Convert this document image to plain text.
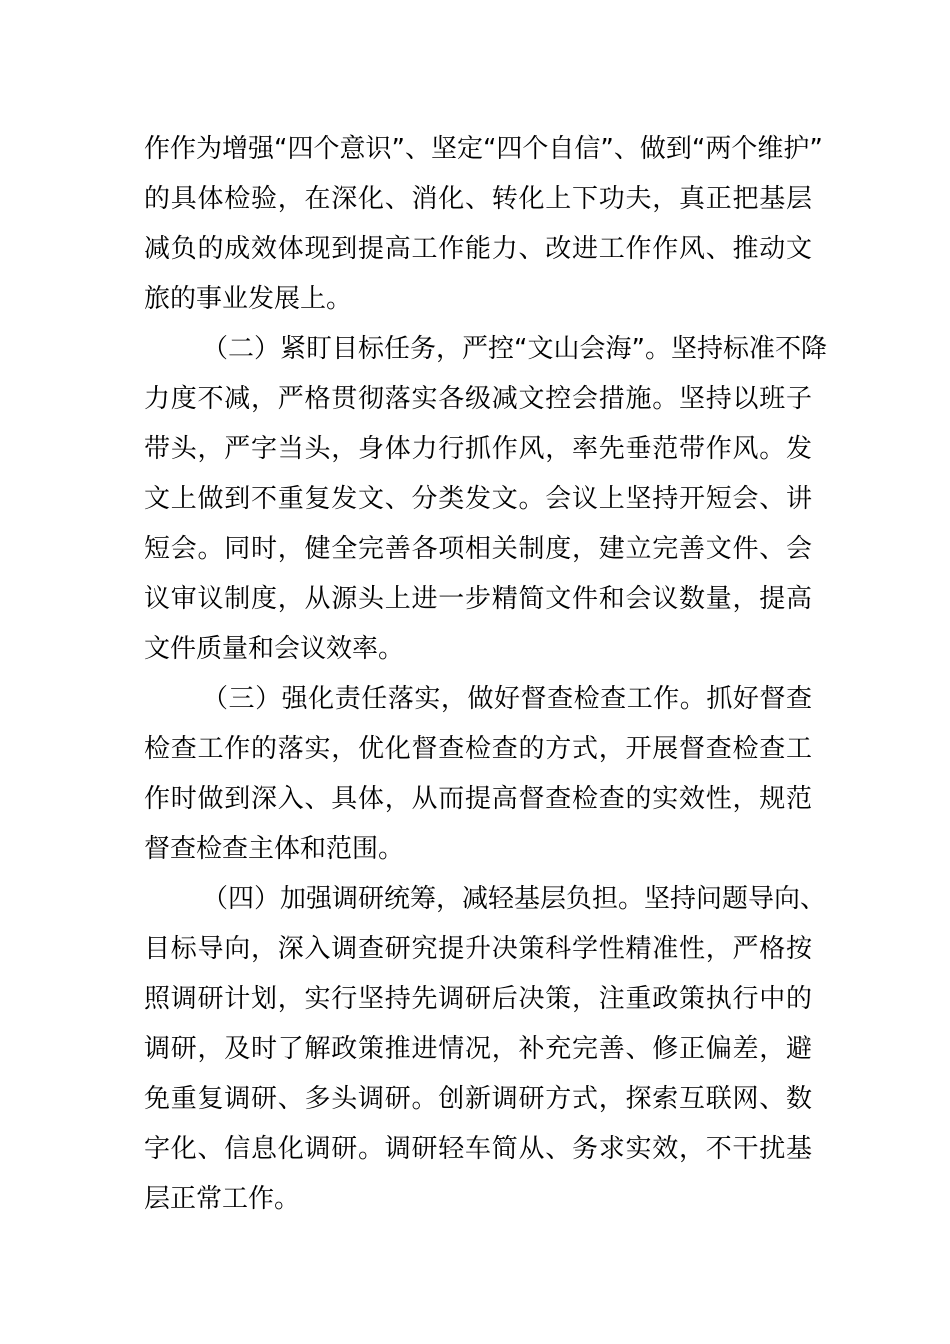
作作为增强“四个意识”、坚定“四个自信”、做到“两个维护”
的具体检验，在深化、消化、转化上下功夫，真正把基层
减负的成效体现到提高工作能力、改进工作作风、推动文
旅的事业发展上。
（二）紧盯目标任务，严控“文山会海”。坚持标准不降
力度不减，严格贯彻落实各级减文控会措施。坚持以班子
带头，严字当头，身体力行抓作风，率先垂范带作风。发
文上做到不重复发文、分类发文。会议上坚持开短会、讲
短会。同时，健全完善各项相关制度，建立完善文件、会
议审议制度，从源头上进一步精简文件和会议数量，提高
文件质量和会议效率。
（三）强化责任落实，做好督查检查工作。抓好督查
检查工作的落实，优化督查检查的方式，开展督查检查工
作时做到深入、具体，从而提高督查检查的实效性，规范
督查检查主体和范围。
（四）加强调研统筹，减轻基层负担。坚持问题导向、
目标导向，深入调查研究提升决策科学性精准性，严格按
照调研计划，实行坚持先调研后决策，注重政策执行中的
调研，及时了解政策推进情况，补充完善、修正偏差，避
免重复调研、多头调研。创新调研方式，探索互联网、数
字化、信息化调研。调研轻车简从、务求实效，不干扰基
层正常工作。
